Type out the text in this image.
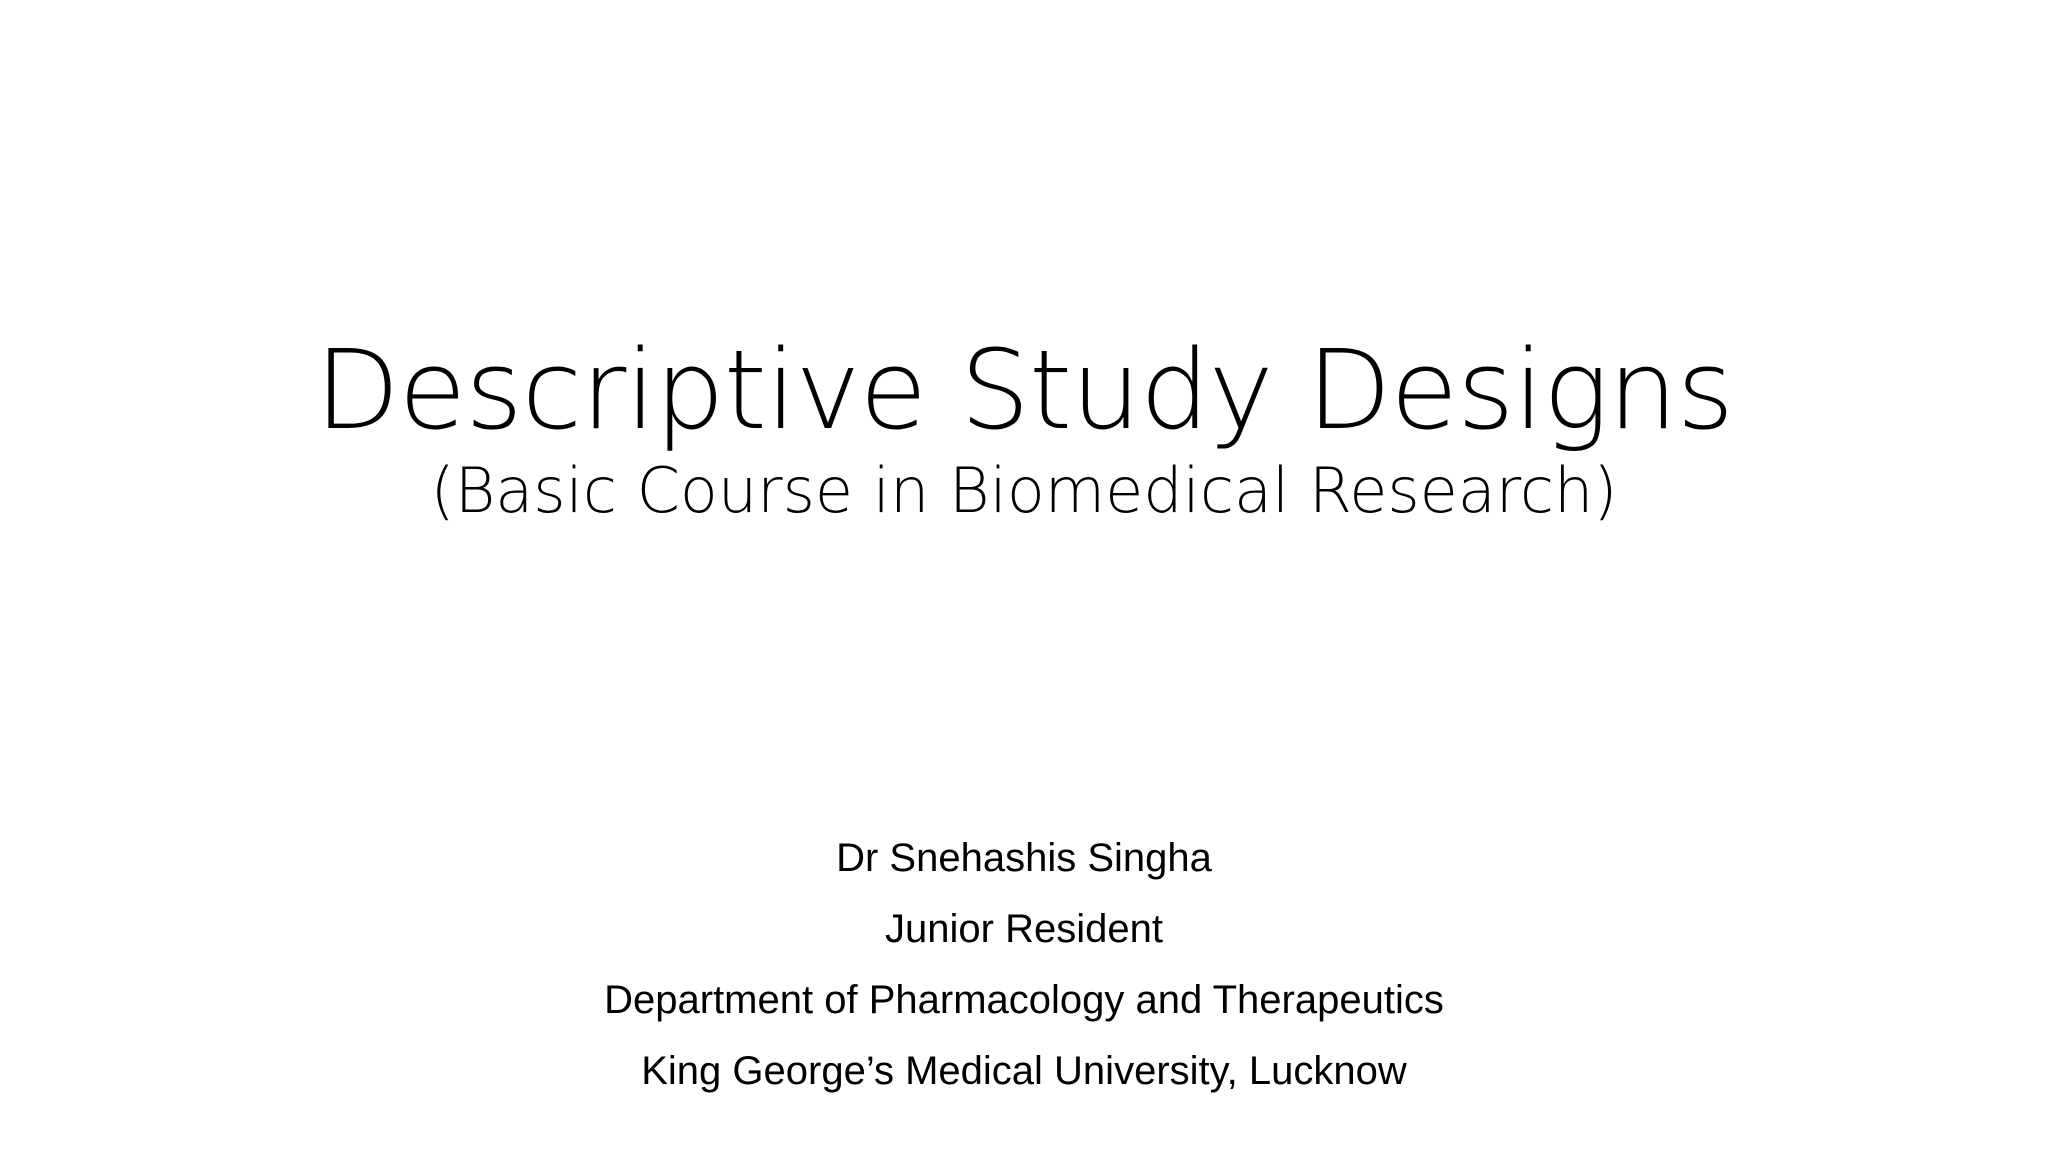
Descriptive Study Designs
(Basic Course in Biomedical Research)
Dr Snehashis Singha
Junior Resident
Department of Pharmacology and Therapeutics
King George’s Medical University, Lucknow
